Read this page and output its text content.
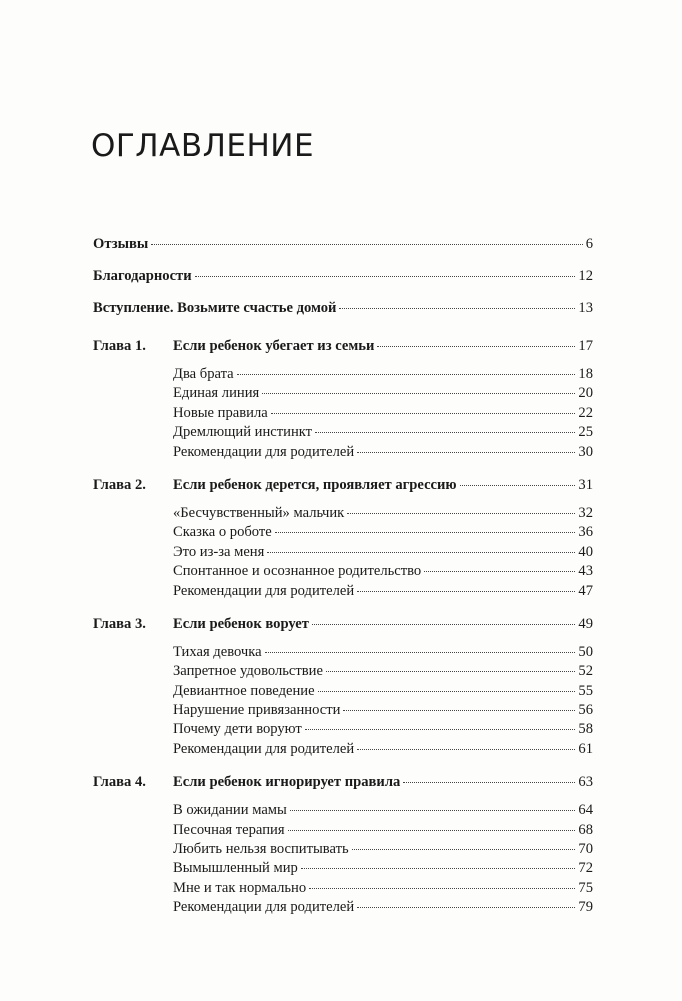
ОГЛАВЛЕНИЕ
Отзывы	6
Благодарности	12
Вступление. Возьмите счастье домой	13
Глава 1.	Если ребенок убегает из семьи	17
Два брата	18
Единая линия	20
Новые правила	22
Дремлющий инстинкт	25
Рекомендации для родителей	30
Глава 2.	Если ребенок дерется, проявляет агрессию	31
«Бесчувственный» мальчик	32
Сказка о роботе	36
Это из-за меня	40
Спонтанное и осознанное родительство	43
Рекомендации для родителей	47
Глава 3.	Если ребенок ворует	49
Тихая девочка	50
Запретное удовольствие	52
Девиантное поведение	55
Нарушение привязанности	56
Почему дети воруют	58
Рекомендации для родителей	61
Глава 4.	Если ребенок игнорирует правила	63
В ожидании мамы	64
Песочная терапия	68
Любить нельзя воспитывать	70
Вымышленный мир	72
Мне и так нормально	75
Рекомендации для родителей	79
